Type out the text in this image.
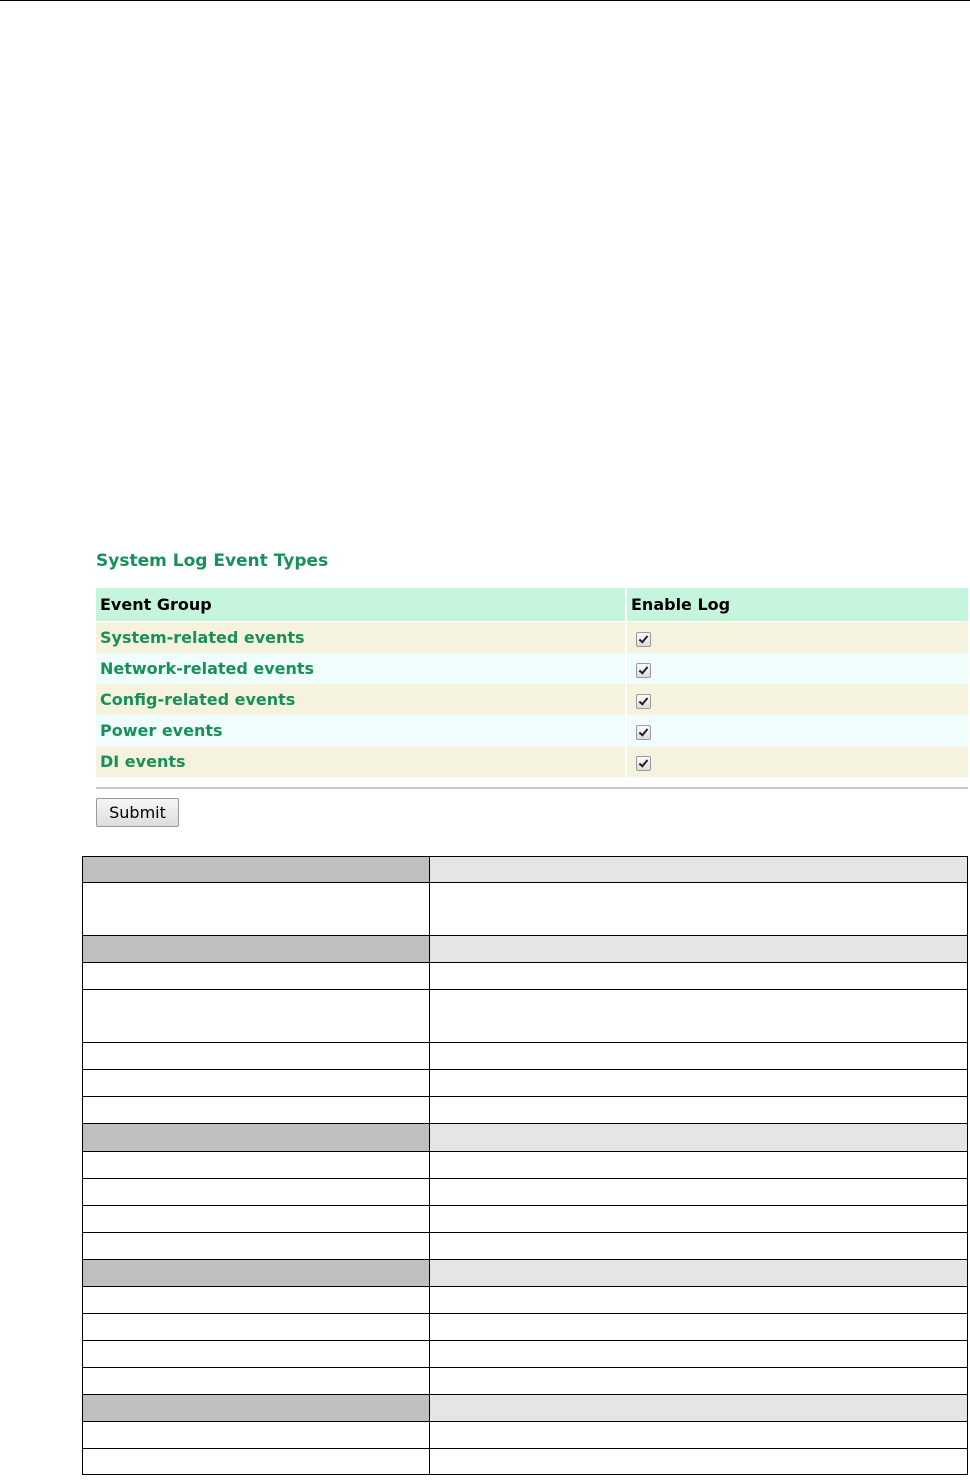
System Log Event Types
Event Group	Enable Log
System-related events	
Network-related events	
Config-related events	
Power events	
DI events	
Submit
